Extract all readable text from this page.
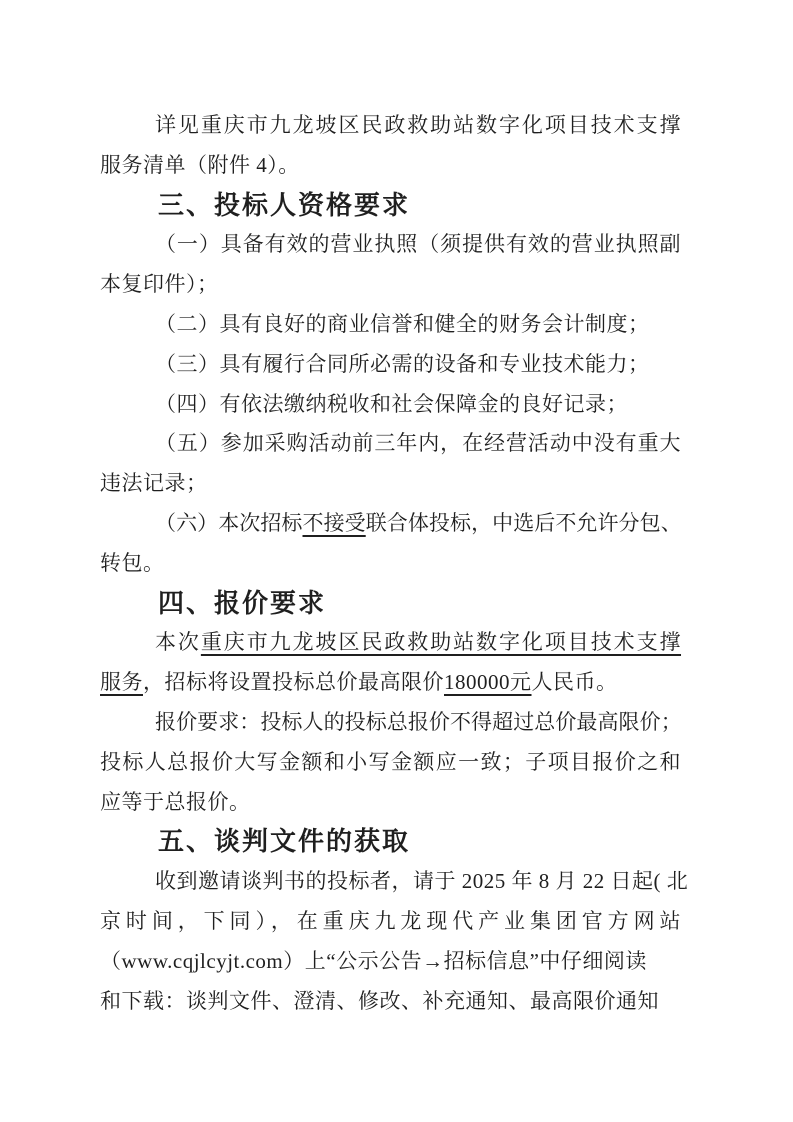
详见重庆市九龙坡区民政救助站数字化项目技术支撑
服务清单（附件 4）。
三、投标人资格要求
（一）具备有效的营业执照（须提供有效的营业执照副
本复印件）；
（二）具有良好的商业信誉和健全的财务会计制度；
（三）具有履行合同所必需的设备和专业技术能力；
（四）有依法缴纳税收和社会保障金的良好记录；
（五）参加采购活动前三年内，在经营活动中没有重大
违法记录；
（六）本次招标不接受联合体投标，中选后不允许分包、
转包。
四、报价要求
本次重庆市九龙坡区民政救助站数字化项目技术支撑
服务，招标将设置投标总价最高限价180000元人民币。
报价要求：投标人的投标总报价不得超过总价最高限价；
投标人总报价大写金额和小写金额应一致；子项目报价之和
应等于总报价。
五、谈判文件的获取
收到邀请谈判书的投标者，请于 2025 年 8 月 22 日起( 北
京时间，下同），在重庆九龙现代产业集团官方网站
（www.cqjlcyjt.com）上“公示公告→招标信息”中仔细阅读
和下载：谈判文件、澄清、修改、补充通知、最高限价通知
